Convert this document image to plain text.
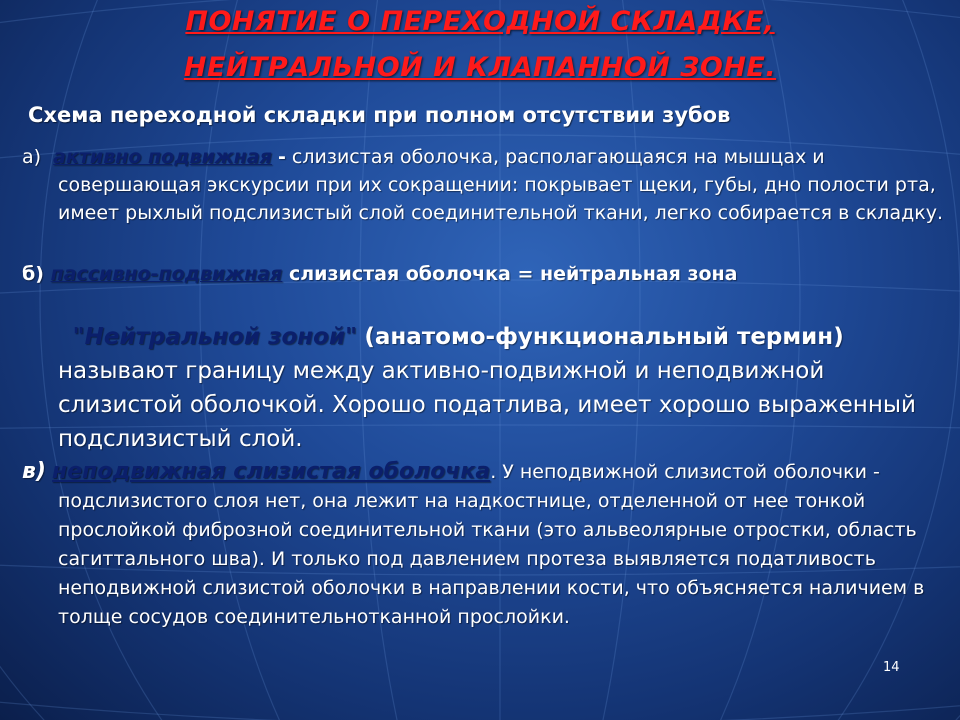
ПОНЯТИЕ О ПЕРЕХОДНОЙ СКЛАДКЕ,
НЕЙТРАЛЬНОЙ И КЛАПАННОЙ ЗОНЕ.
Схема переходной складки при полном отсутствии зубов
а) активно подвижная - слизистая оболочка, располагающаяся на мышцах и совершающая экскурсии при их сокращении: покрывает щеки, губы, дно полости рта, имеет рыхлый подслизистый слой соединительной ткани, легко собирается в складку.
б) пассивно-подвижная слизистая оболочка = нейтральная зона
"Нейтральной зоной" (анатомо-функциональный термин) называют границу между активно-подвижной и неподвижной слизистой оболочкой. Хорошо податлива, имеет хорошо выраженный подслизистый слой.
в) неподвижная слизистая оболочка. У неподвижной слизистой оболочки - подслизистого слоя нет, она лежит на надкостнице, отделенной от нее тонкой прослойкой фиброзной соединительной ткани (это альвеолярные отростки, область сагиттального шва). И только под давлением протеза выявляется податливость неподвижной слизистой оболочки в направлении кости, что объясняется наличием в толще сосудов соединительнотканной прослойки.
14
